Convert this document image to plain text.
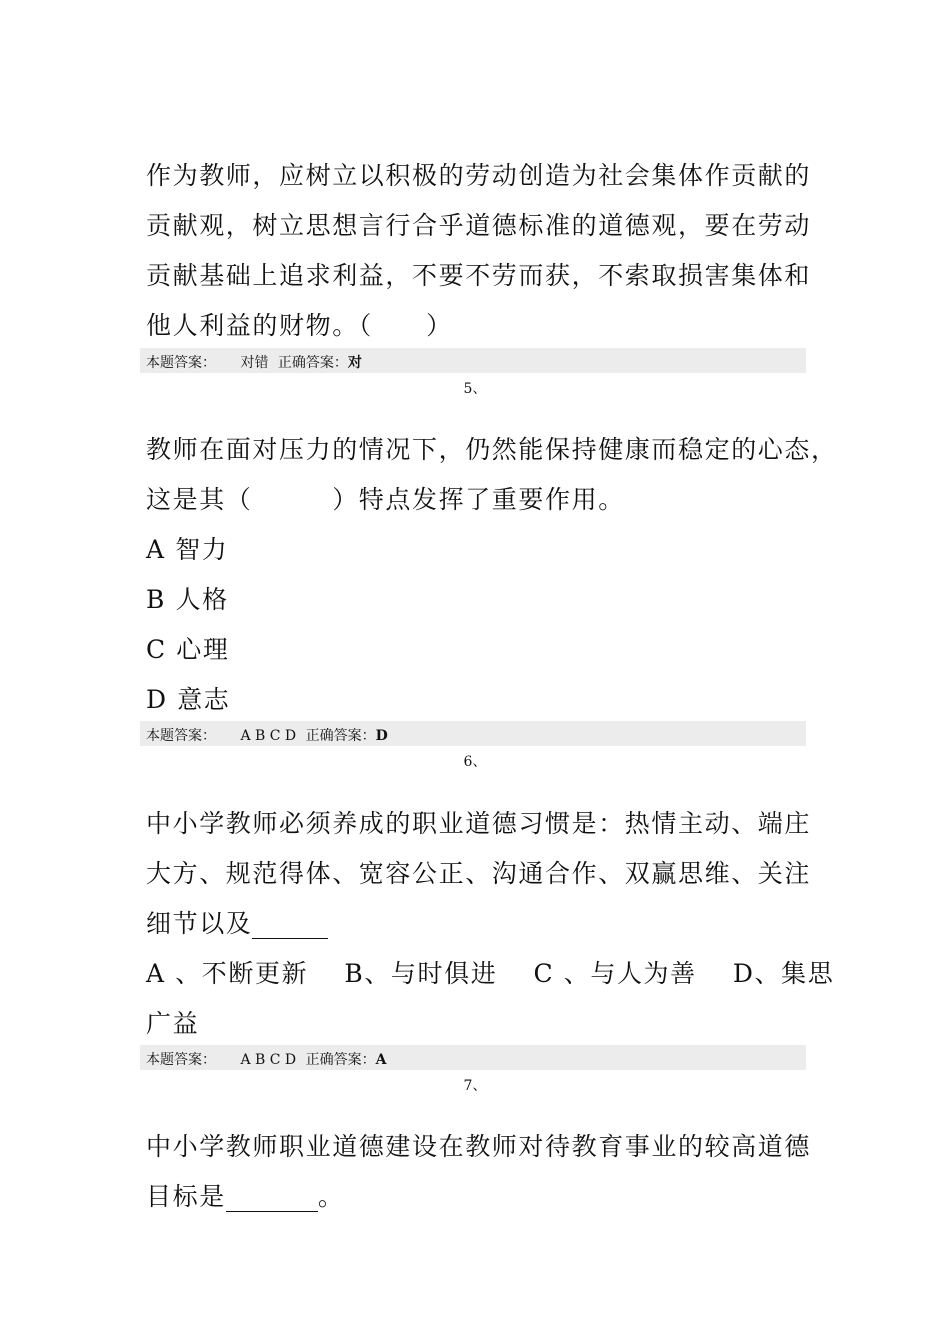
作为教师，应树立以积极的劳动创造为社会集体作贡献的
贡献观，树立思想言行合乎道德标准的道德观，要在劳动
贡献基础上追求利益，不要不劳而获，不索取损害集体和
他人利益的财物。（　　）
本题答案： 对错 正确答案：对
5、
教师在面对压力的情况下，仍然能保持健康而稳定的心态，
这是其（　　　）特点发挥了重要作用。
A 智力
B 人格
C 心理
D 意志
本题答案： A B C D 正确答案：D
6、
中小学教师必须养成的职业道德习惯是：热情主动、端庄
大方、规范得体、宽容公正、沟通合作、双赢思维、关注
细节以及
A 、不断更新　 B、与时俱进　 C 、与人为善　 D、集思
广益
本题答案： A B C D 正确答案：A
7、
中小学教师职业道德建设在教师对待教育事业的较高道德
目标是	。
